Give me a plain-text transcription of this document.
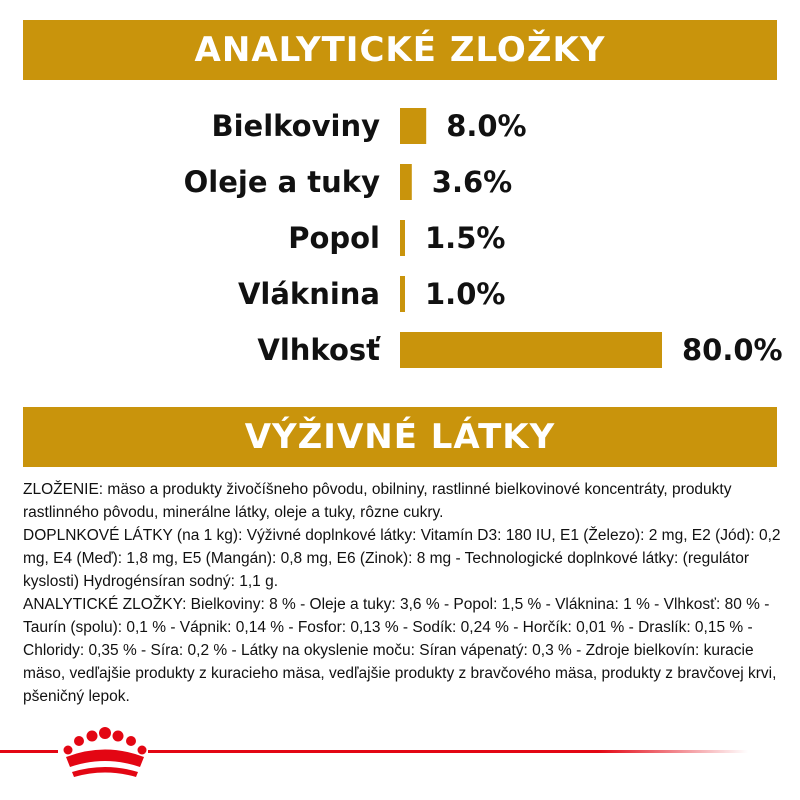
ANALYTICKÉ ZLOŽKY
Bielkoviny 8.0%
Oleje a tuky 3.6%
Popol 1.5%
Vláknina 1.0%
Vlhkosť	80.0%
VÝŽIVNÉ LÁTKY

ZLOŽENIE: mäso a produkty živočíšneho pôvodu, obilniny, rastlinné bielkovinové koncentráty, produkty rastlinného pôvodu, minerálne látky, oleje a tuky, rôzne cukry.

DOPLNKOVÉ LÁTKY (na 1 kg): Výživné doplnkové látky: Vitamín D3: 180 IU, E1 (Železo): 2 mg, E2 (Jód): 0,2 mg, E4 (Meď): 1,8 mg, E5 (Mangán): 0,8 mg, E6 (Zinok): 8 mg - Technologické doplnkové látky: (regulátor kyslosti) Hydrogénsíran sodný: 1,1 g.

ANALYTICKÉ ZLOŽKY: Bielkoviny: 8 % - Oleje a tuky: 3,6 % - Popol: 1,5 % - Vláknina: 1 % - Vlhkosť: 80 % - Taurín (spolu): 0,1 % - Vápnik: 0,14 % - Fosfor: 0,13 % - Sodík: 0,24 % - Horčík: 0,01 % - Draslík: 0,15 % - Chloridy: 0,35 % - Síra: 0,2 % - Látky na okyslenie moču: Síran vápenatý: 0,3 % - Zdroje bielkovín: kuracie mäso, vedľajšie produkty z kuracieho mäsa, vedľajšie produkty z bravčového mäsa, produkty z bravčovej krvi, pšeničný lepok.
